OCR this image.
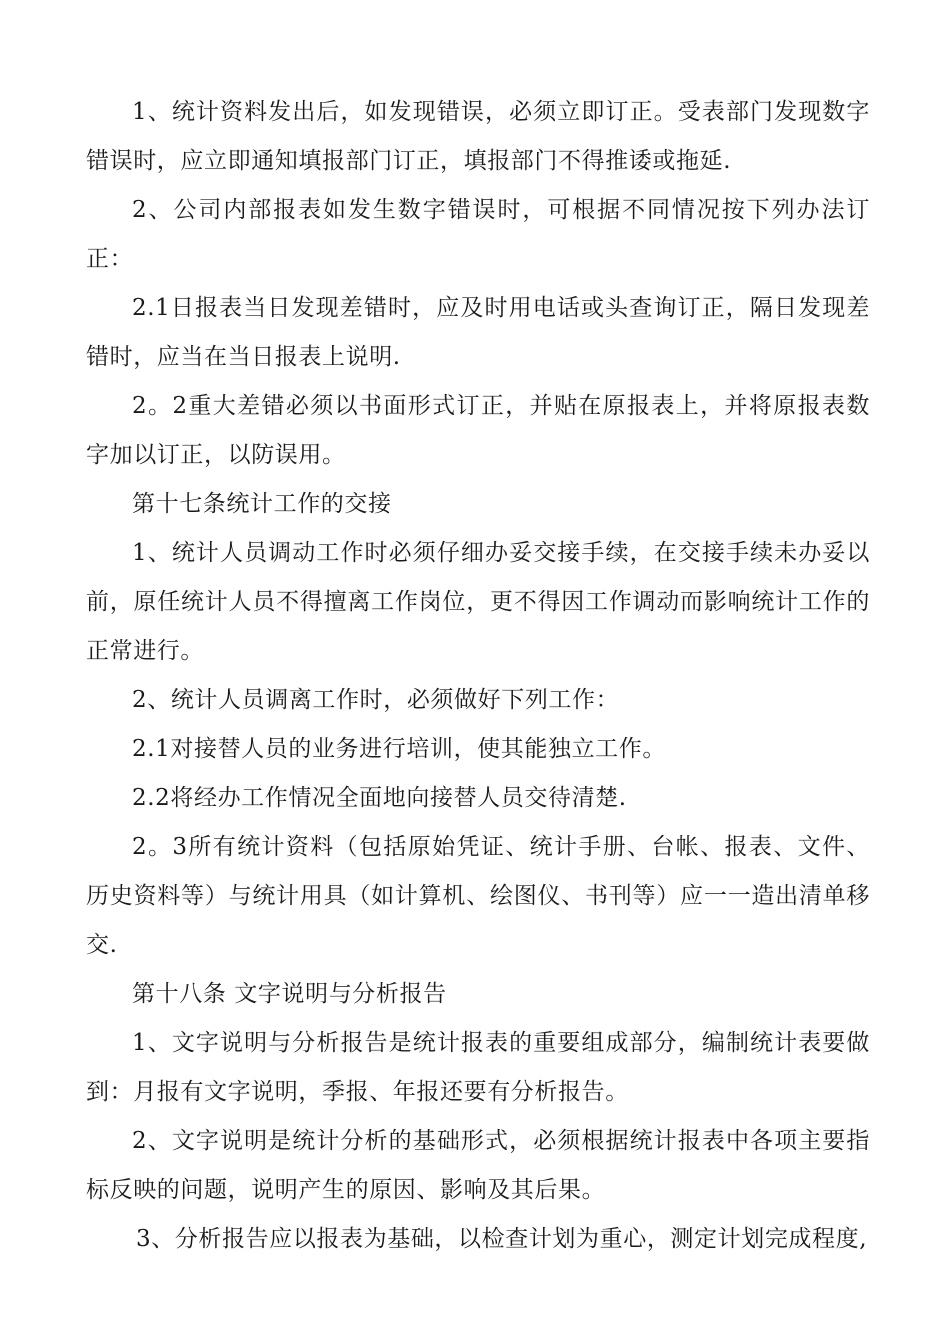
1、统计资料发出后，如发现错误，必须立即订正。受表部门发现数字错误时，应立即通知填报部门订正，填报部门不得推诿或拖延.

2、公司内部报表如发生数字错误时，可根据不同情况按下列办法订正：

2.1日报表当日发现差错时，应及时用电话或头查询订正，隔日发现差错时，应当在当日报表上说明.

2。2重大差错必须以书面形式订正，并贴在原报表上，并将原报表数字加以订正，以防误用。

第十七条统计工作的交接

1、统计人员调动工作时必须仔细办妥交接手续，在交接手续未办妥以前，原任统计人员不得擅离工作岗位，更不得因工作调动而影响统计工作的正常进行。

2、统计人员调离工作时，必须做好下列工作：

2.1对接替人员的业务进行培训，使其能独立工作。

2.2将经办工作情况全面地向接替人员交待清楚.

2。3所有统计资料（包括原始凭证、统计手册、台帐、报表、文件、历史资料等）与统计用具（如计算机、绘图仪、书刊等）应一一造出清单移交.

第十八条 文字说明与分析报告

1、文字说明与分析报告是统计报表的重要组成部分，编制统计表要做到：月报有文字说明，季报、年报还要有分析报告。

2、文字说明是统计分析的基础形式，必须根据统计报表中各项主要指标反映的问题，说明产生的原因、影响及其后果。

3、分析报告应以报表为基础，以检查计划为重心，测定计划完成程度,
